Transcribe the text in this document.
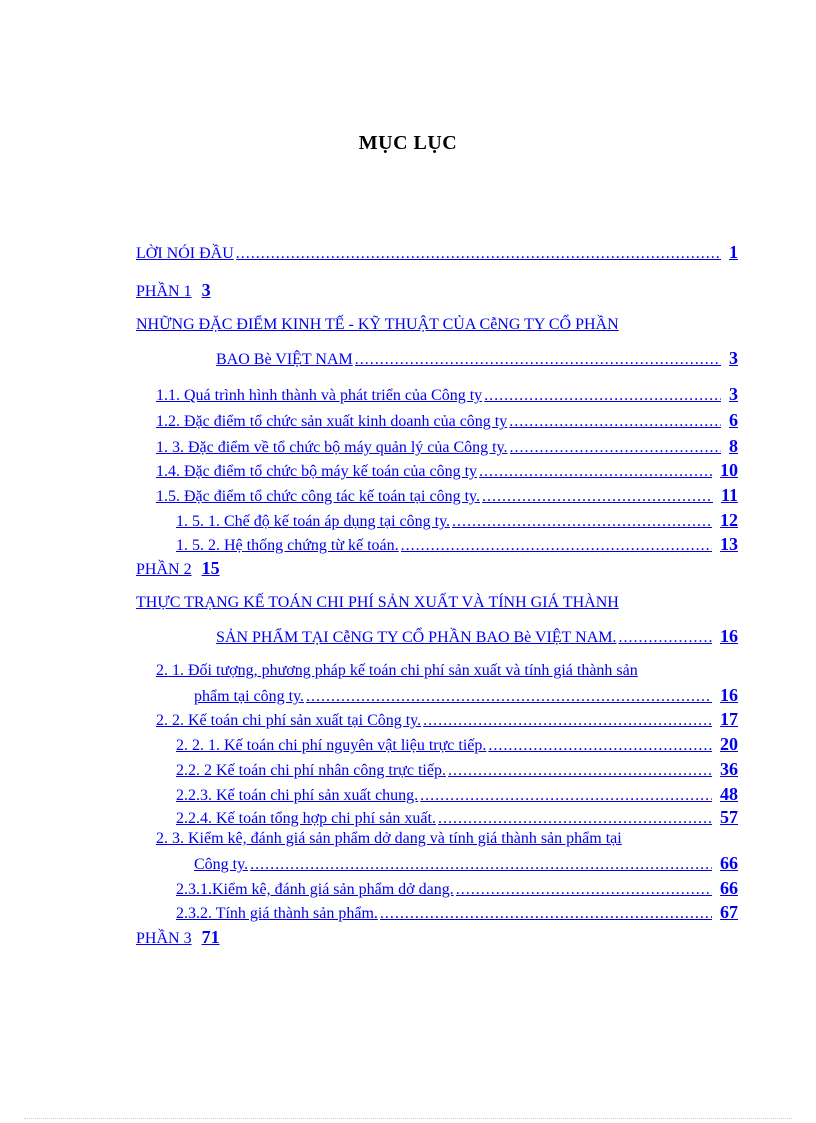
MỤC LỤC
LỜI NÓI ĐẦU .....	1
PHẦN 1 3
NHỮNG ĐẶC ĐIỂM KINH TẾ - KỸ THUẬT CỦA CễNG TY CỔ PHẦN
BAO Bè VIỆT NAM .....	3
1.1. Quá trình hình thành và phát triển của Công ty .....	3
1.2. Đặc điểm tổ chức sản xuất kinh doanh của công ty .....	6
1. 3. Đặc điểm về tổ chức bộ máy quản lý của Công ty. .....	8
1.4. Đặc điểm tổ chức bộ máy kế toán của công ty .....	10
1.5. Đặc điểm tổ chức công tác kế toán tại công ty. .....	11
1. 5. 1. Chế độ kế toán áp dụng tại công ty. .....	12
1. 5. 2. Hệ thống chứng từ kế toán. .....	13
PHẦN 2 15
THỰC TRẠNG KẾ TOÁN CHI PHÍ SẢN XUẤT VÀ TÍNH GIÁ THÀNH
SẢN PHẨM TẠI CễNG TY CỔ PHẦN BAO Bè VIỆT NAM. .....	16
2. 1. Đối tượng, phương pháp kế toán chi phí sản xuất và tính giá thành sản
phẩm tại công ty. .....	16
2. 2. Kế toán chi phí sản xuất tại Công ty. .....	17
2. 2. 1. Kế toán chi phí nguyên vật liệu trực tiếp. .....	20
2.2. 2 Kế toán chi phí nhân công trực tiếp. .....	36
2.2.3. Kế toán chi phí sản xuất chung. .....	48
2.2.4. Kế toán tổng hợp chi phí sản xuất. .....	57
2. 3. Kiểm kê, đánh giá sản phẩm dở dang và tính giá thành sản phẩm tại
Công ty. .....	66
2.3.1.Kiểm kê, đánh giá sản phẩm dở dang. .....	66
2.3.2. Tính giá thành sản phẩm. .....	67
PHẦN 3 71
